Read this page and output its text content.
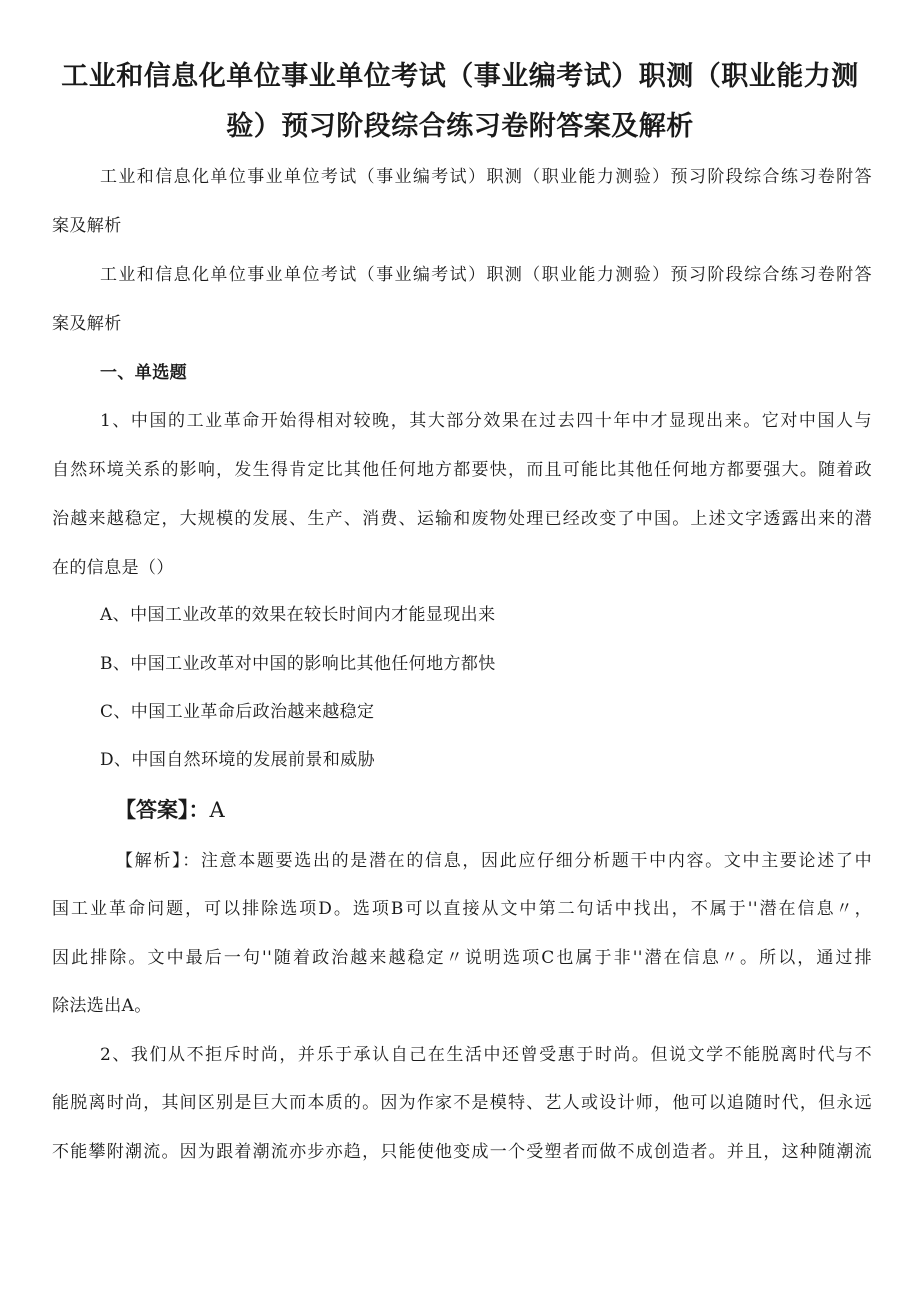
工业和信息化单位事业单位考试（事业编考试）职测（职业能力测
验）预习阶段综合练习卷附答案及解析

工业和信息化单位事业单位考试（事业编考试）职测（职业能力测验）预习阶段综合练习卷附答

案及解析

工业和信息化单位事业单位考试（事业编考试）职测（职业能力测验）预习阶段综合练习卷附答

案及解析

一、单选题

1、中国的工业革命开始得相对较晚，其大部分效果在过去四十年中才显现出来。它对中国人与

自然环境关系的影响，发生得肯定比其他任何地方都要快，而且可能比其他任何地方都要强大。随着政

治越来越稳定，大规模的发展、生产、消费、运输和废物处理已经改变了中国。上述文字透露出来的潜

在的信息是（）

A、中国工业改革的效果在较长时间内才能显现出来

B、中国工业改革对中国的影响比其他任何地方都快

C、中国工业革命后政治越来越稳定

D、中国自然环境的发展前景和威胁

【答案】：A

【解析】：注意本题要选出的是潜在的信息，因此应仔细分析题干中内容。文中主要论述了中

国工业革命问题，可以排除选项D。选项B可以直接从文中第二句话中找出，不属于''潜在信息〃，

因此排除。文中最后一句''随着政治越来越稳定〃说明选项C也属于非''潜在信息〃。所以，通过排

除法选出A。

2、我们从不拒斥时尚，并乐于承认自己在生活中还曾受惠于时尚。但说文学不能脱离时代与不

能脱离时尚，其间区别是巨大而本质的。因为作家不是模特、艺人或设计师，他可以追随时代，但永远

不能攀附潮流。因为跟着潮流亦步亦趋，只能使他变成一个受塑者而做不成创造者。并且，这种随潮流
